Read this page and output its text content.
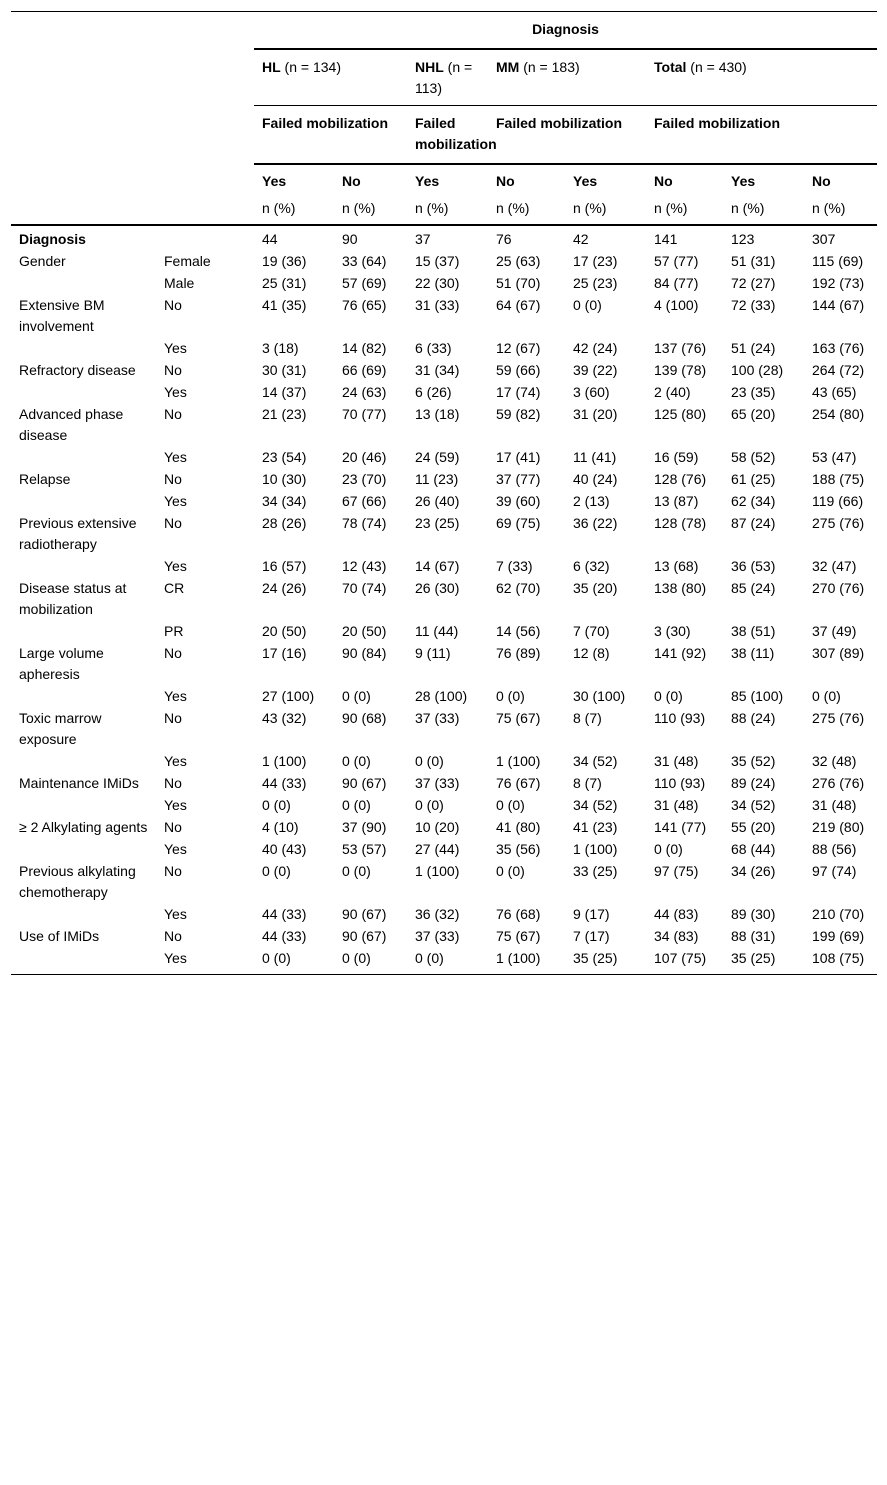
		Diagnosis							
		HL (n = 134)		NHL (n = 113)	MM (n = 183)		Total (n = 430)		
		Failed mobilization		Failed mobilization	Failed mobilization		Failed mobilization		
		Yes	No	Yes	No	Yes	No	Yes	No
		n (%)	n (%)	n (%)	n (%)	n (%)	n (%)	n (%)	n (%)
Diagnosis		44	90	37	76	42	141	123	307
Gender	Female	19 (36)	33 (64)	15 (37)	25 (63)	17 (23)	57 (77)	51 (31)	115 (69)
	Male	25 (31)	57 (69)	22 (30)	51 (70)	25 (23)	84 (77)	72 (27)	192 (73)
Extensive BM involvement	No	41 (35)	76 (65)	31 (33)	64 (67)	0 (0)	4 (100)	72 (33)	144 (67)
	Yes	3 (18)	14 (82)	6 (33)	12 (67)	42 (24)	137 (76)	51 (24)	163 (76)
Refractory disease	No	30 (31)	66 (69)	31 (34)	59 (66)	39 (22)	139 (78)	100 (28)	264 (72)
	Yes	14 (37)	24 (63)	6 (26)	17 (74)	3 (60)	2 (40)	23 (35)	43 (65)
Advanced phase disease	No	21 (23)	70 (77)	13 (18)	59 (82)	31 (20)	125 (80)	65 (20)	254 (80)
	Yes	23 (54)	20 (46)	24 (59)	17 (41)	11 (41)	16 (59)	58 (52)	53 (47)
Relapse	No	10 (30)	23 (70)	11 (23)	37 (77)	40 (24)	128 (76)	61 (25)	188 (75)
	Yes	34 (34)	67 (66)	26 (40)	39 (60)	2 (13)	13 (87)	62 (34)	119 (66)
Previous extensive radiotherapy	No	28 (26)	78 (74)	23 (25)	69 (75)	36 (22)	128 (78)	87 (24)	275 (76)
	Yes	16 (57)	12 (43)	14 (67)	7 (33)	6 (32)	13 (68)	36 (53)	32 (47)
Disease status at mobilization	CR	24 (26)	70 (74)	26 (30)	62 (70)	35 (20)	138 (80)	85 (24)	270 (76)
	PR	20 (50)	20 (50)	11 (44)	14 (56)	7 (70)	3 (30)	38 (51)	37 (49)
Large volume apheresis	No	17 (16)	90 (84)	9 (11)	76 (89)	12 (8)	141 (92)	38 (11)	307 (89)
	Yes	27 (100)	0 (0)	28 (100)	0 (0)	30 (100)	0 (0)	85 (100)	0 (0)
Toxic marrow exposure	No	43 (32)	90 (68)	37 (33)	75 (67)	8 (7)	110 (93)	88 (24)	275 (76)
	Yes	1 (100)	0 (0)	0 (0)	1 (100)	34 (52)	31 (48)	35 (52)	32 (48)
Maintenance IMiDs	No	44 (33)	90 (67)	37 (33)	76 (67)	8 (7)	110 (93)	89 (24)	276 (76)
	Yes	0 (0)	0 (0)	0 (0)	0 (0)	34 (52)	31 (48)	34 (52)	31 (48)
≥ 2 Alkylating agents	No	4 (10)	37 (90)	10 (20)	41 (80)	41 (23)	141 (77)	55 (20)	219 (80)
	Yes	40 (43)	53 (57)	27 (44)	35 (56)	1 (100)	0 (0)	68 (44)	88 (56)
Previous alkylating chemotherapy	No	0 (0)	0 (0)	1 (100)	0 (0)	33 (25)	97 (75)	34 (26)	97 (74)
	Yes	44 (33)	90 (67)	36 (32)	76 (68)	9 (17)	44 (83)	89 (30)	210 (70)
Use of IMiDs	No	44 (33)	90 (67)	37 (33)	75 (67)	7 (17)	34 (83)	88 (31)	199 (69)
	Yes	0 (0)	0 (0)	0 (0)	1 (100)	35 (25)	107 (75)	35 (25)	108 (75)
